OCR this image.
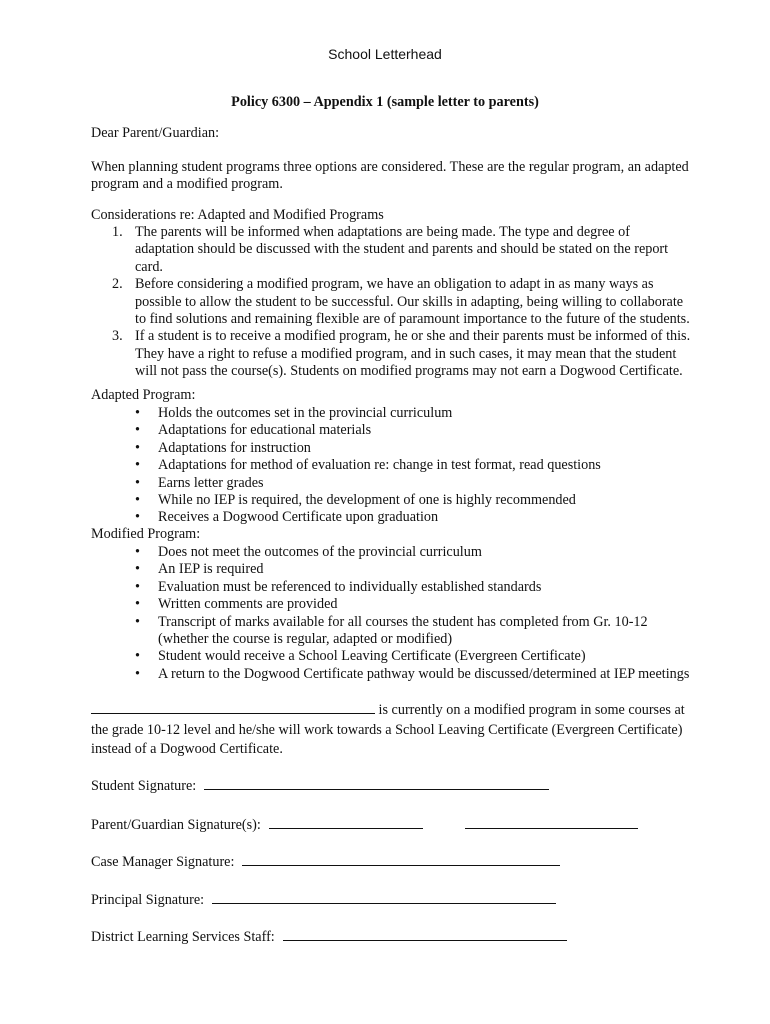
School Letterhead
Policy 6300 – Appendix 1 (sample letter to parents)
Dear Parent/Guardian:
When planning student programs three options are considered. These are the regular program, an adapted program and a modified program.
Considerations re: Adapted and Modified Programs
1. The parents will be informed when adaptations are being made. The type and degree of adaptation should be discussed with the student and parents and should be stated on the report card.
2. Before considering a modified program, we have an obligation to adapt in as many ways as possible to allow the student to be successful. Our skills in adapting, being willing to collaborate to find solutions and remaining flexible are of paramount importance to the future of the students.
3. If a student is to receive a modified program, he or she and their parents must be informed of this. They have a right to refuse a modified program, and in such cases, it may mean that the student will not pass the course(s). Students on modified programs may not earn a Dogwood Certificate.
Adapted Program:
• Holds the outcomes set in the provincial curriculum
• Adaptations for educational materials
• Adaptations for instruction
• Adaptations for method of evaluation re: change in test format, read questions
• Earns letter grades
• While no IEP is required, the development of one is highly recommended
• Receives a Dogwood Certificate upon graduation
Modified Program:
• Does not meet the outcomes of the provincial curriculum
• An IEP is required
• Evaluation must be referenced to individually established standards
• Written comments are provided
• Transcript of marks available for all courses the student has completed from Gr. 10-12 (whether the course is regular, adapted or modified)
• Student would receive a School Leaving Certificate (Evergreen Certificate)
• A return to the Dogwood Certificate pathway would be discussed/determined at IEP meetings
is currently on a modified program in some courses at the grade 10-12 level and he/she will work towards a School Leaving Certificate (Evergreen Certificate) instead of a Dogwood Certificate.
Student Signature:
Parent/Guardian Signature(s):
Case Manager Signature:
Principal Signature:
District Learning Services Staff:
